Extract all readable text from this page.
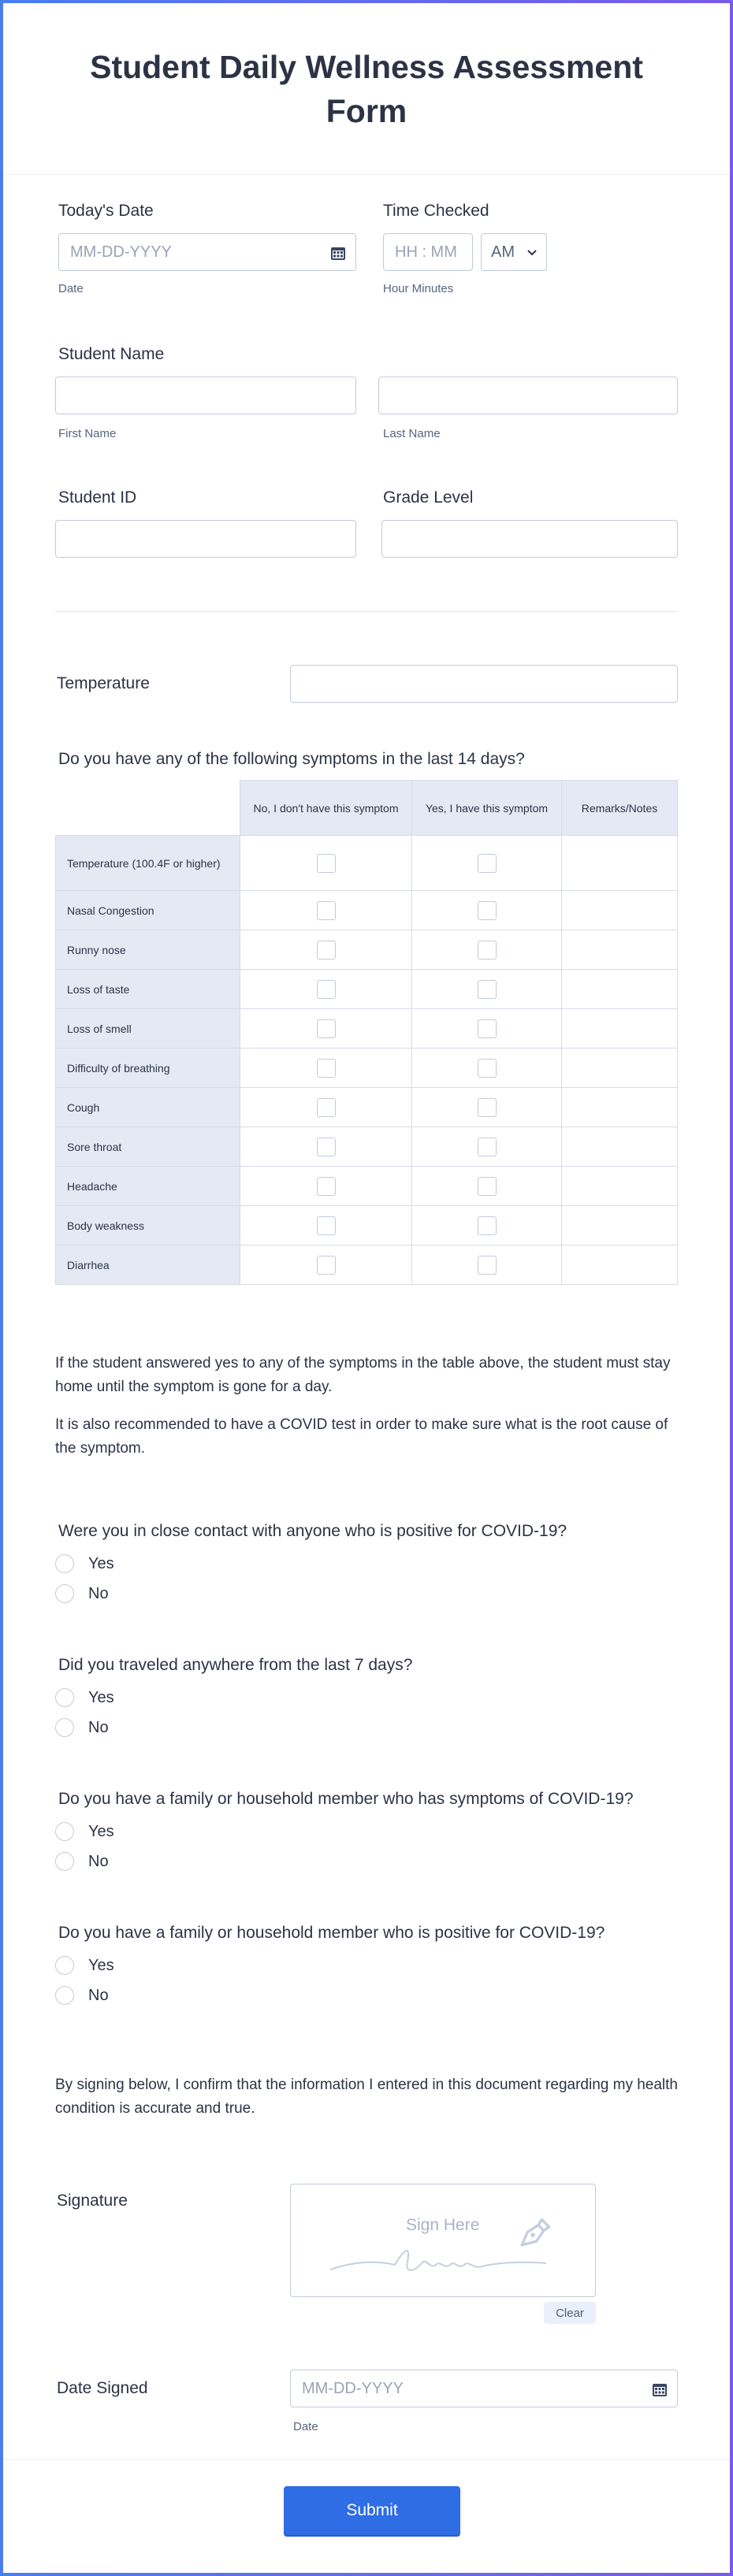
Student Daily Wellness Assessment Form
Today's Date
MM-DD-YYYY
Date
Time Checked
HH : MM AM
Hour Minutes
Student Name
First Name	Last Name
Student ID	Grade Level
Temperature
Do you have any of the following symptoms in the last 14 days?
	No, I don't have this symptom	Yes, I have this symptom	Remarks/Notes
Temperature (100.4F or higher)	

Nasal Congestion	

Runny nose	

Loss of taste	

Loss of smell	

Difficulty of breathing	

Cough	

Sore throat	

Headache	

Body weakness	

Diarrhea	

If the student answered yes to any of the symptoms in the table above, the student must stay home until the symptom is gone for a day.

It is also recommended to have a COVID test in order to make sure what is the root cause of the symptom.

Were you in close contact with anyone who is positive for COVID-19?
Yes
No
Did you traveled anywhere from the last 7 days?
Yes
No
Do you have a family or household member who has symptoms of COVID-19?
Yes
No
Do you have a family or household member who is positive for COVID-19?
Yes
No

By signing below, I confirm that the information I entered in this document regarding my health condition is accurate and true.

Signature
Sign Here
Clear
Date Signed	MM-DD-YYYY
Date
Submit
